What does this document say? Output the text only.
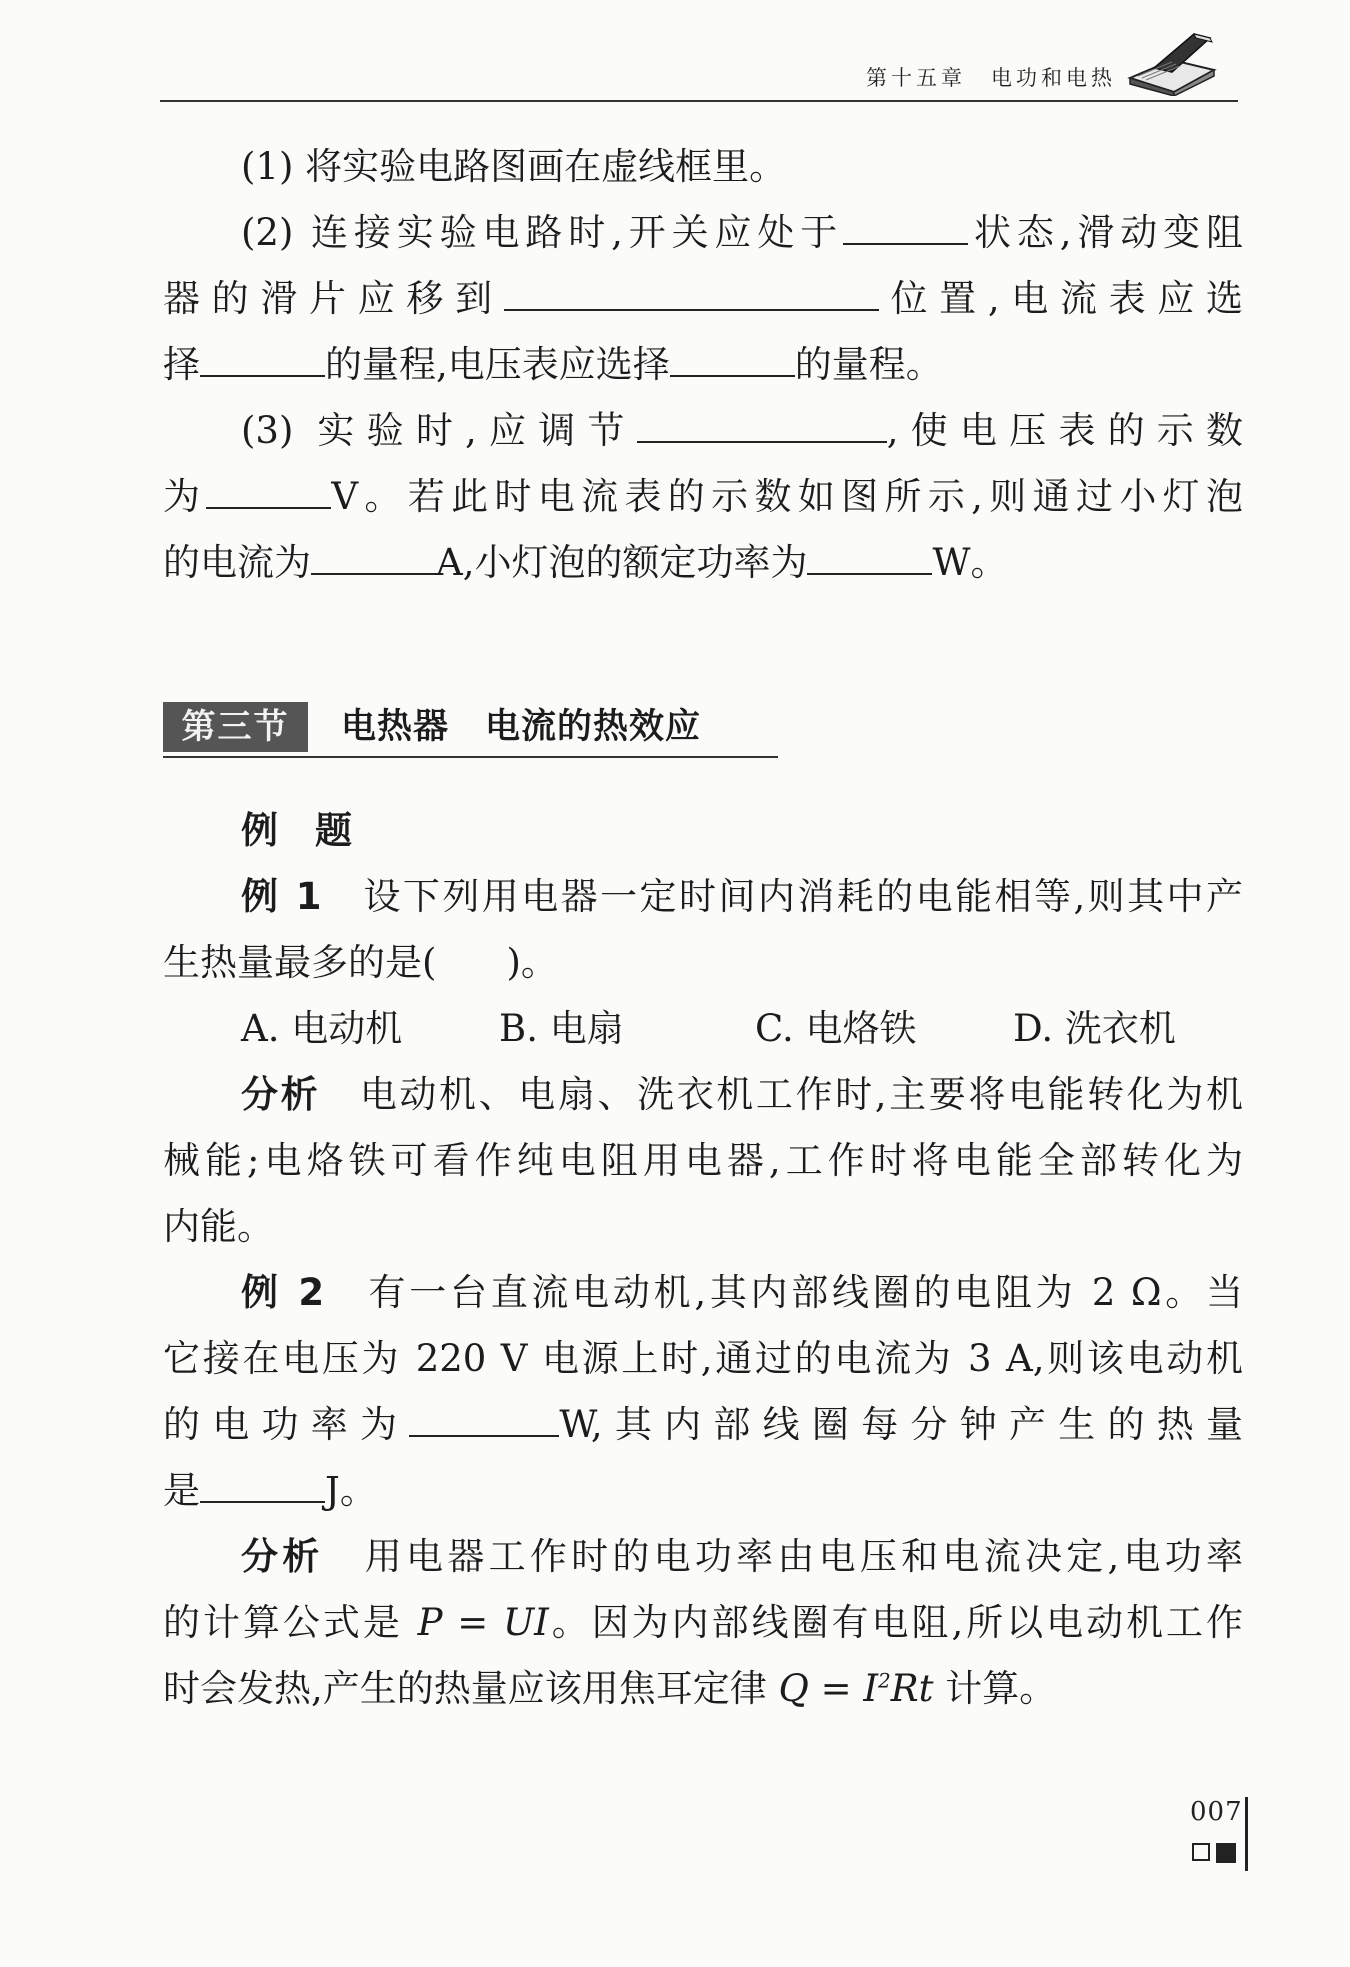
第十五章　电功和电热
(1) 将实验电路图画在虚线框里。
(2) 连接实验电路时,开关应处于	状态,滑动变阻
器的滑片应移到	位置,电流表应选
择	的量程,电压表应选择	的量程。
(3) 实验时,应调节	,使电压表的示数
为	V。若此时电流表的示数如图所示,则通过小灯泡
的电流为	A,小灯泡的额定功率为	W。
第三节	电热器　电流的热效应
例　题
例 1　 设下列用电器一定时间内消耗的电能相等,则其中产
生热量最多的是( )。
A. 电动机	B. 电扇	C. 电烙铁	D. 洗衣机
分析　 电动机、电扇、洗衣机工作时,主要将电能转化为机
械能;电烙铁可看作纯电阻用电器,工作时将电能全部转化为
内能。
例 2　 有一台直流电动机,其内部线圈的电阻为 2 Ω。当
它接在电压为 220 V 电源上时,通过的电流为 3 A,则该电动机
的电功率为	W,其内部线圈每分钟产生的热量
是	J。
分析　 用电器工作时的电功率由电压和电流决定,电功率
的计算公式是 P = UI。因为内部线圈有电阻,所以电动机工作
时会发热,产生的热量应该用焦耳定律 $Q = I^2Rt$ 计算。
007
